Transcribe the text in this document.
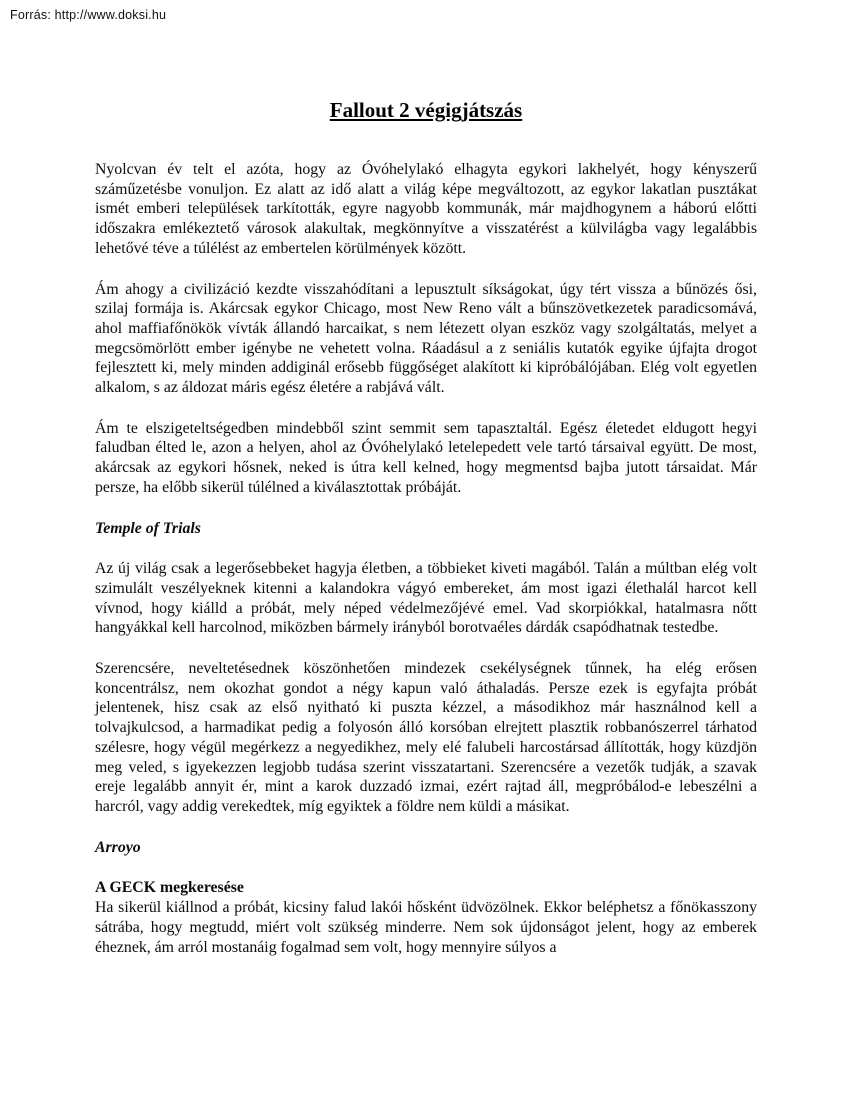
Forrás: http://www.doksi.hu
Fallout 2 végigjátszás

Nyolcvan év telt el azóta, hogy az Óvóhelylakó elhagyta egykori lakhelyét, hogy kényszerű száműzetésbe vonuljon. Ez alatt az idő alatt a világ képe megváltozott, az egykor lakatlan pusztákat ismét emberi települések tarkították, egyre nagyobb kommunák, már majdhogynem a háború előtti időszakra emlékeztető városok alakultak, megkönnyítve a visszatérést a külvilágba vagy legalábbis lehetővé téve a túlélést az embertelen körülmények között.

Ám ahogy a civilizáció kezdte visszahódítani a lepusztult síkságokat, úgy tért vissza a bűnözés ősi, szilaj formája is. Akárcsak egykor Chicago, most New Reno vált a bűnszövetkezetek paradicsomává, ahol maffiafőnökök vívták állandó harcaikat, s nem létezett olyan eszköz vagy szolgáltatás, melyet a megcsömörlött ember igénybe ne vehetett volna. Ráadásul a z seniális kutatók egyike újfajta drogot fejlesztett ki, mely minden addiginál erősebb függőséget alakított ki kipróbálójában. Elég volt egyetlen alkalom, s az áldozat máris egész életére a rabjává vált.

Ám te elszigeteltségedben mindebből szint semmit sem tapasztaltál. Egész életedet eldugott hegyi faludban élted le, azon a helyen, ahol az Óvóhelylakó letelepedett vele tartó társaival együtt. De most, akárcsak az egykori hősnek, neked is útra kell kelned, hogy megmentsd bajba jutott társaidat. Már persze, ha előbb sikerül túlélned a kiválasztottak próbáját.

Temple of Trials

Az új világ csak a legerősebbeket hagyja életben, a többieket kiveti magából. Talán a múltban elég volt szimulált veszélyeknek kitenni a kalandokra vágyó embereket, ám most igazi élethalál harcot kell vívnod, hogy kiálld a próbát, mely néped védelmezőjévé emel. Vad skorpiókkal, hatalmasra nőtt hangyákkal kell harcolnod, miközben bármely irányból borotvaéles dárdák csapódhatnak testedbe.

Szerencsére, neveltetésednek köszönhetően mindezek csekélységnek tűnnek, ha elég erősen koncentrálsz, nem okozhat gondot a négy kapun való áthaladás. Persze ezek is egyfajta próbát jelentenek, hisz csak az első nyitható ki puszta kézzel, a másodikhoz már használnod kell a tolvajkulcsod, a harmadikat pedig a folyosón álló korsóban elrejtett plasztik robbanószerrel tárhatod szélesre, hogy végül megérkezz a negyedikhez, mely elé falubeli harcostársad állították, hogy küzdjön meg veled, s igyekezzen legjobb tudása szerint visszatartani. Szerencsére a vezetők tudják, a szavak ereje legalább annyit ér, mint a karok duzzadó izmai, ezért rajtad áll, megpróbálod-e lebeszélni a harcról, vagy addig verekedtek, míg egyiktek a földre nem küldi a másikat.

Arroyo
A GECK megkeresése

Ha sikerül kiállnod a próbát, kicsiny falud lakói hősként üdvözölnek. Ekkor beléphetsz a főnökasszony sátrába, hogy megtudd, miért volt szükség minderre. Nem sok újdonságot jelent, hogy az emberek éheznek, ám arról mostanáig fogalmad sem volt, hogy mennyire súlyos a
